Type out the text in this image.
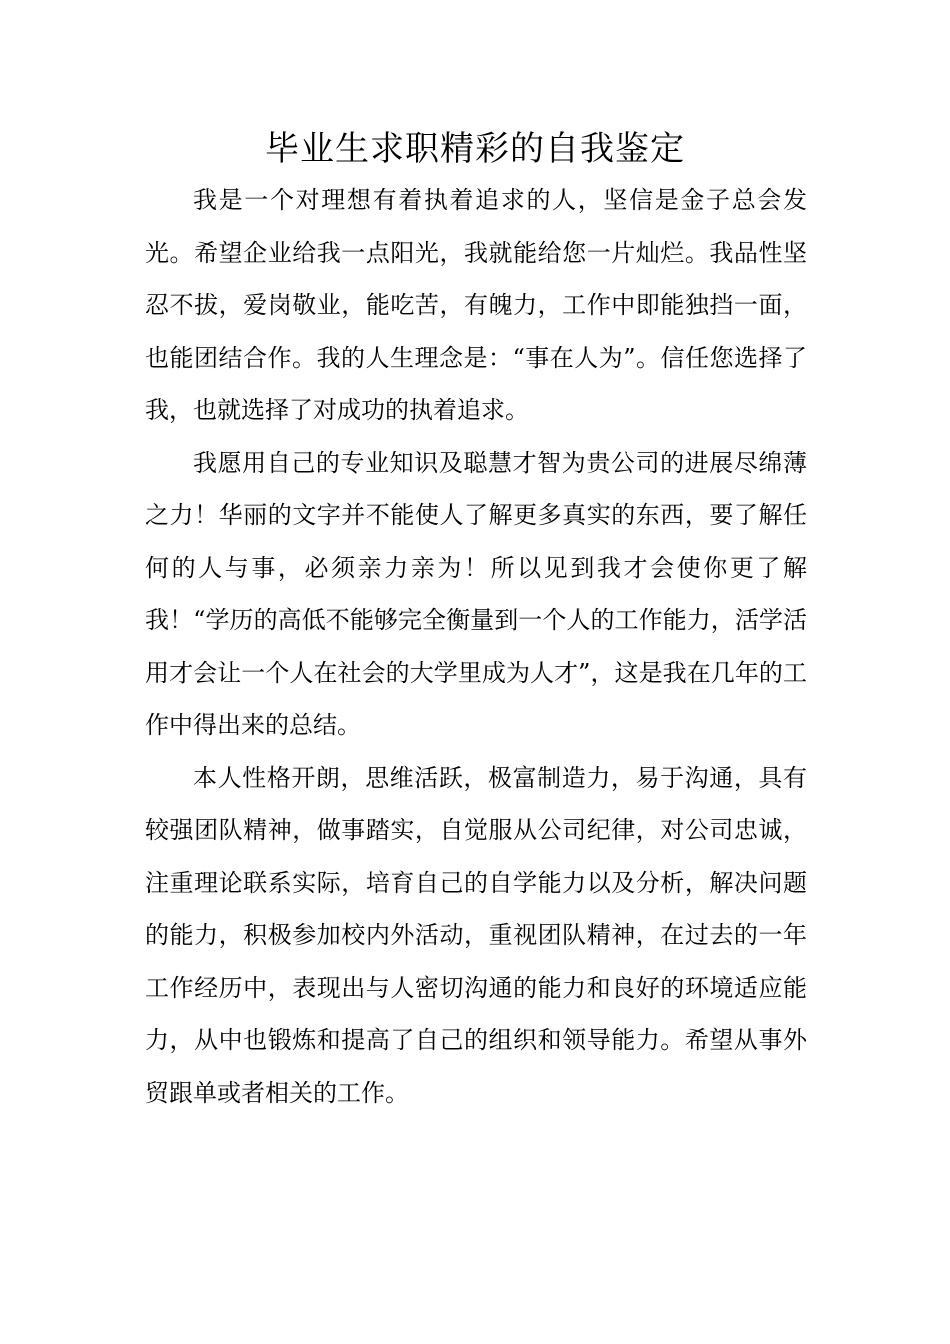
毕业生求职精彩的自我鉴定

我是一个对理想有着执着追求的人，坚信是金子总会发光。希望企业给我一点阳光，我就能给您一片灿烂。我品性坚忍不拔，爱岗敬业，能吃苦，有魄力，工作中即能独挡一面，也能团结合作。我的人生理念是：“事在人为”。信任您选择了我，也就选择了对成功的执着追求。

我愿用自己的专业知识及聪慧才智为贵公司的进展尽绵薄之力！华丽的文字并不能使人了解更多真实的东西，要了解任何的人与事，必须亲力亲为！所以见到我才会使你更了解我！“学历的高低不能够完全衡量到一个人的工作能力，活学活用才会让一个人在社会的大学里成为人才”，这是我在几年的工作中得出来的总结。

本人性格开朗，思维活跃，极富制造力，易于沟通，具有较强团队精神，做事踏实，自觉服从公司纪律，对公司忠诚，注重理论联系实际，培育自己的自学能力以及分析，解决问题的能力，积极参加校内外活动，重视团队精神，在过去的一年工作经历中，表现出与人密切沟通的能力和良好的环境适应能力，从中也锻炼和提高了自己的组织和领导能力。希望从事外贸跟单或者相关的工作。
